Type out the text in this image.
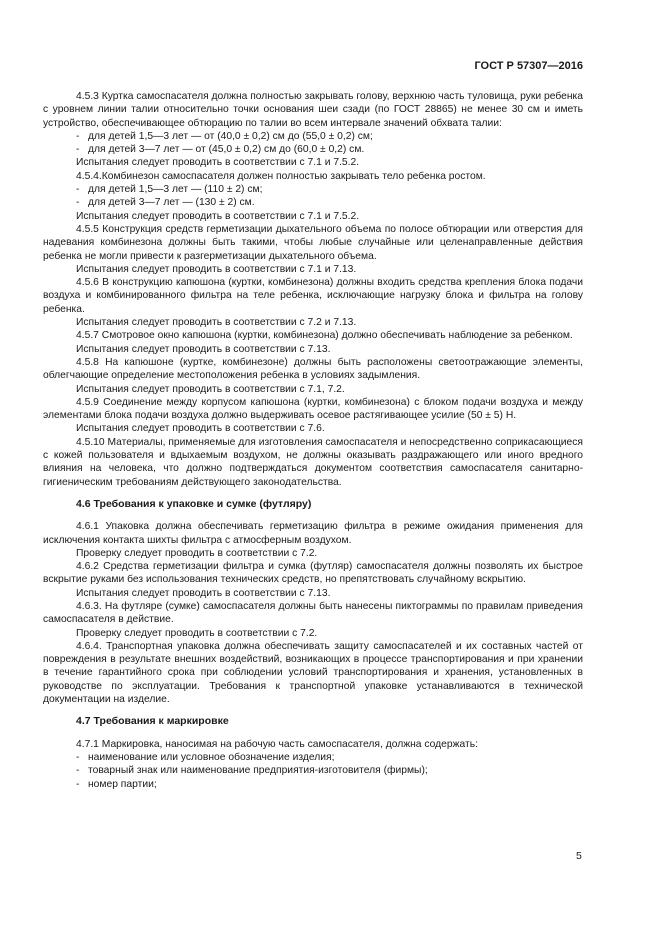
ГОСТ Р 57307—2016

4.5.3 Куртка самоспасателя должна полностью закрывать голову, верхнюю часть туловища, руки ребенка с уровнем линии талии относительно точки основания шеи сзади (по ГОСТ 28865) не менее 30 см и иметь устройство, обеспечивающее обтюрацию по талии во всем интервале значений обхвата талии:

- для детей 1,5—3 лет — от (40,0 ± 0,2) см до (55,0 ± 0,2) см;

- для детей 3—7 лет — от (45,0 ± 0,2) см до (60,0 ± 0,2) см.

Испытания следует проводить в соответствии с 7.1 и 7.5.2.

4.5.4.Комбинезон самоспасателя должен полностью закрывать тело ребенка ростом.

- для детей 1,5—3 лет — (110 ± 2) см;

- для детей 3—7 лет — (130 ± 2) см.

Испытания следует проводить в соответствии с 7.1 и 7.5.2.

4.5.5 Конструкция средств герметизации дыхательного объема по полосе обтюрации или отверстия для надевания комбинезона должны быть такими, чтобы любые случайные или целенаправленные действия ребенка не могли привести к разгерметизации дыхательного объема.

Испытания следует проводить в соответствии с 7.1 и 7.13.

4.5.6 В конструкцию капюшона (куртки, комбинезона) должны входить средства крепления блока подачи воздуха и комбинированного фильтра на теле ребенка, исключающие нагрузку блока и фильтра на голову ребенка.

Испытания следует проводить в соответствии с 7.2 и 7.13.

4.5.7 Смотровое окно капюшона (куртки, комбинезона) должно обеспечивать наблюдение за ребенком.

Испытания следует проводить в соответствии с 7.13.

4.5.8 На капюшоне (куртке, комбинезоне) должны быть расположены светоотражающие элементы, облегчающие определение местоположения ребенка в условиях задымления.

Испытания следует проводить в соответствии с 7.1, 7.2.

4.5.9 Соединение между корпусом капюшона (куртки, комбинезона) с блоком подачи воздуха и между элементами блока подачи воздуха должно выдерживать осевое растягивающее усилие (50 ± 5) Н.

Испытания следует проводить в соответствии с 7.6.

4.5.10 Материалы, применяемые для изготовления самоспасателя и непосредственно соприкасающиеся с кожей пользователя и вдыхаемым воздухом, не должны оказывать раздражающего или иного вредного влияния на человека, что должно подтверждаться документом соответствия самоспасателя санитарно-гигиеническим требованиям действующего законодательства.

4.6 Требования к упаковке и сумке (футляру)

4.6.1 Упаковка должна обеспечивать герметизацию фильтра в режиме ожидания применения для исключения контакта шихты фильтра с атмосферным воздухом.

Проверку следует проводить в соответствии с 7.2.

4.6.2 Средства герметизации фильтра и сумка (футляр) самоспасателя должны позволять их быстрое вскрытие руками без использования технических средств, но препятствовать случайному вскрытию.

Испытания следует проводить в соответствии с 7.13.

4.6.3. На футляре (сумке) самоспасателя должны быть нанесены пиктограммы по правилам приведения самоспасателя в действие.

Проверку следует проводить в соответствии с 7.2.

4.6.4. Транспортная упаковка должна обеспечивать защиту самоспасателей и их составных частей от повреждения в результате внешних воздействий, возникающих в процессе транспортирования и при хранении в течение гарантийного срока при соблюдении условий транспортирования и хранения, установленных в руководстве по эксплуатации. Требования к транспортной упаковке устанавливаются в технической документации на изделие.

4.7 Требования к маркировке

4.7.1 Маркировка, наносимая на рабочую часть самоспасателя, должна содержать:

- наименование или условное обозначение изделия;

- товарный знак или наименование предприятия-изготовителя (фирмы);

- номер партии;

5
